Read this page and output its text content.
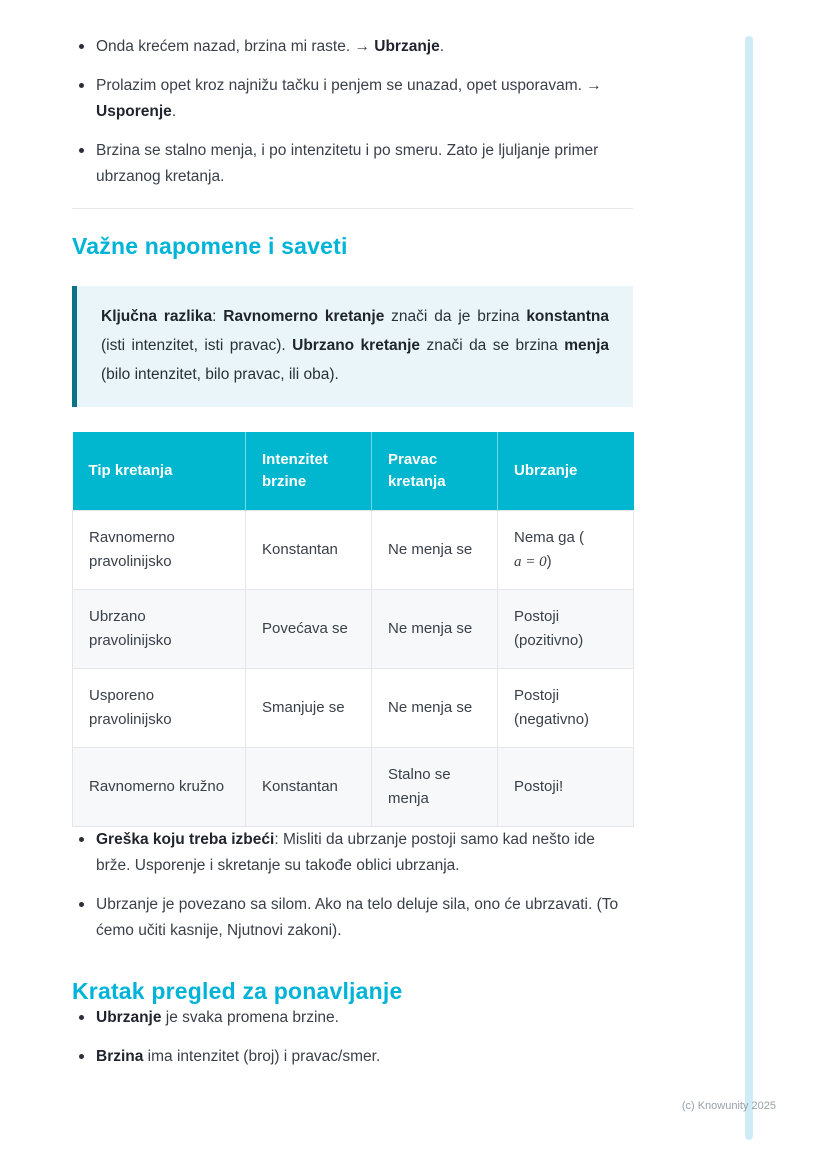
Onda krećem nazad, brzina mi raste. → Ubrzanje.
Prolazim opet kroz najnižu tačku i penjem se unazad, opet usporavam. → Usporenje.
Brzina se stalno menja, i po intenzitetu i po smeru. Zato je ljuljanje primer ubrzanog kretanja.
Važne napomene i saveti

Ključna razlika: Ravnomerno kretanje znači da je brzina konstantna (isti intenzitet, isti pravac). Ubrzano kretanje znači da se brzina menja (bilo intenzitet, bilo pravac, ili oba).

Tip kretanja	Intenzitet brzine	Pravac kretanja	Ubrzanje
Ravnomerno pravolinijsko	Konstantan	Ne menja se	Nema ga (
a = 0)
Ubrzano pravolinijsko	Povećava se	Ne menja se	Postoji (pozitivno)
Usporeno pravolinijsko	Smanjuje se	Ne menja se	Postoji (negativno)
Ravnomerno kružno	Konstantan	Stalno se menja	Postoji!
Greška koju treba izbeći: Misliti da ubrzanje postoji samo kad nešto ide brže. Usporenje i skretanje su takođe oblici ubrzanja.
Ubrzanje je povezano sa silom. Ako na telo deluje sila, ono će ubrzavati. (To ćemo učiti kasnije, Njutnovi zakoni).
Kratak pregled za ponavljanje
Ubrzanje je svaka promena brzine.
Brzina ima intenzitet (broj) i pravac/smer.
(c) Knowunity 2025
